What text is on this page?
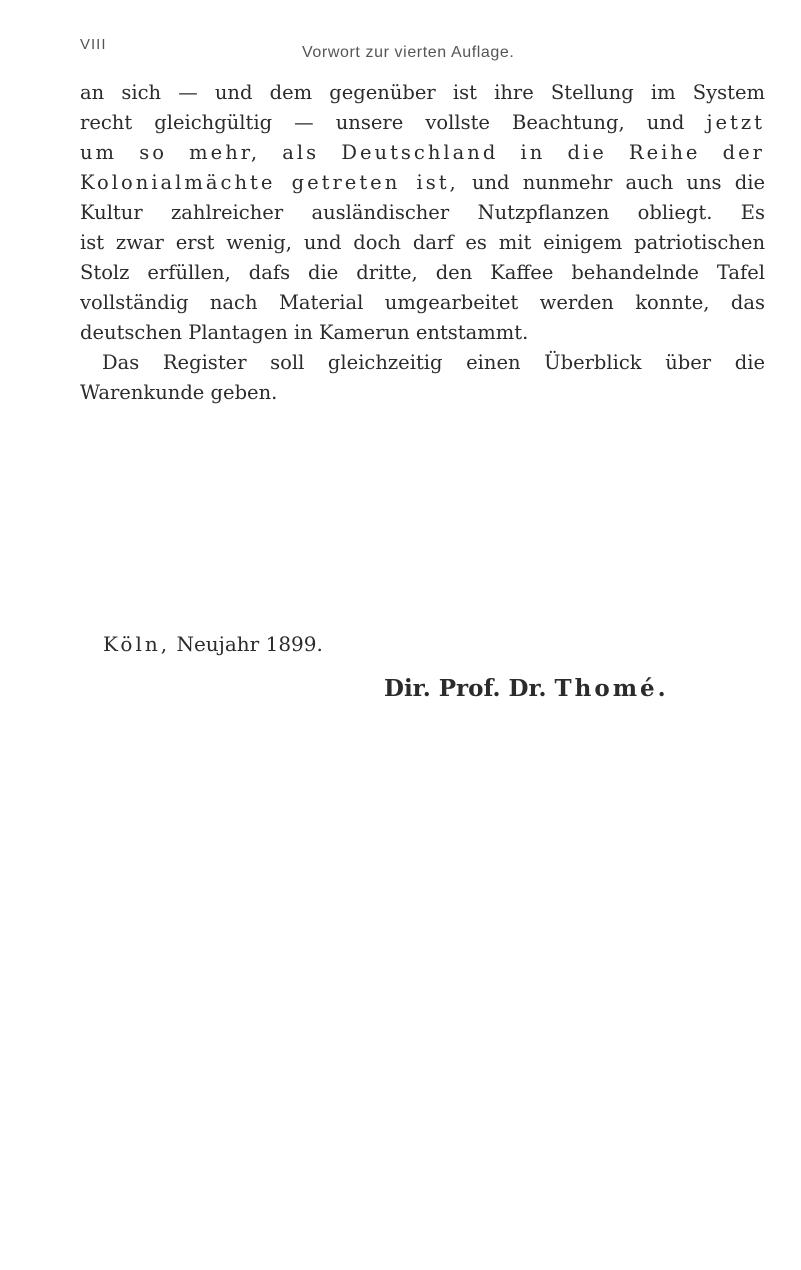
VIII	Vorwort zur vierten Auflage.
an sich — und dem gegenüber ist ihre Stellung im System
recht gleichgültig — unsere vollste Beachtung, und jetzt
um so mehr, als Deutschland in die Reihe der
Kolonialmächte getreten ist, und nunmehr auch uns die
Kultur zahlreicher ausländischer Nutzpflanzen obliegt. Es
ist zwar erst wenig, und doch darf es mit einigem patriotischen
Stolz erfüllen, dafs die dritte, den Kaffee behandelnde Tafel
vollständig nach Material umgearbeitet werden konnte, das
deutschen Plantagen in Kamerun entstammt.
Das Register soll gleichzeitig einen Überblick über die
Warenkunde geben.
Köln, Neujahr 1899.
Dir. Prof. Dr. Thomé.
